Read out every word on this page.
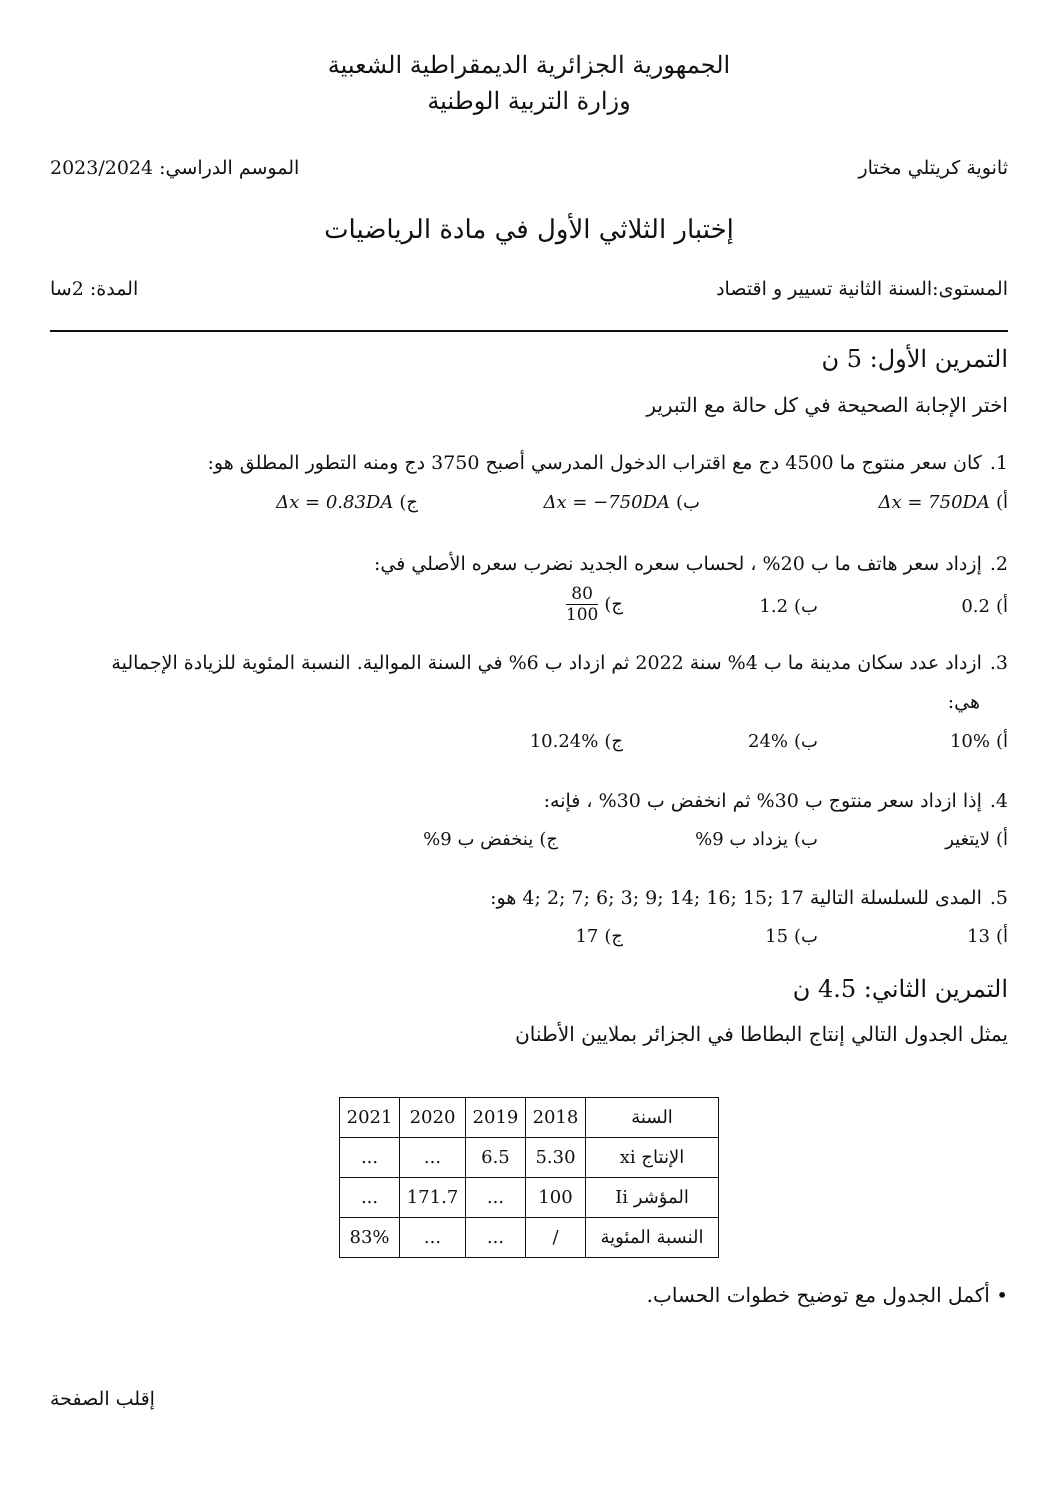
الجمهورية الجزائرية الديمقراطية الشعبية
وزارة التربية الوطنية
ثانوية كريتلي مختار
الموسم الدراسي: 2023/2024
إختبار الثلاثي الأول في مادة الرياضيات
المستوى:السنة الثانية تسيير و اقتصاد
المدة: 2سا
التمرين الأول: 5 ن
اختر الإجابة الصحيحة في كل حالة مع التبرير
1.كان سعر منتوج ما 4500 دج مع اقتراب الدخول المدرسي أصبح 3750 دج ومنه التطور المطلق هو:
أ)Δx = 750DA
ب)Δx = −750DA
ج)Δx = 0.83DA
2.إزداد سعر هاتف ما ب 20% ، لحساب سعره الجديد نضرب سعره الأصلي في:
أ)0.2
ب)1.2
ج)
$\frac{80}{100}$
3.ازداد عدد سكان مدينة ما ب 4% سنة 2022 ثم ازداد ب 6% في السنة الموالية. النسبة المئوية للزيادة الإجمالية
هي:
أ)10%
ب)24%
ج)10.24%
4.إذا ازداد سعر منتوج ب 30% ثم انخفض ب 30% ، فإنه:
أ)لايتغير
ب)يزداد ب 9%
ج)ينخفض ب 9%
5.المدى للسلسلة التالية 17 ;15 ;16 ;14 ;9 ;3 ;6 ;7 ;2 ;4 هو:
أ)13
ب)15
ج)17
التمرين الثاني: 4.5 ن
يمثل الجدول التالي إنتاج البطاطا في الجزائر بملايين الأطنان
السنة	2018	2019	2020	2021
الإنتاج xi	5.30	6.5	...	...
المؤشر Ii	100	...	171.7	...
النسبة المئوية	/	...	...	83%
• أكمل الجدول مع توضيح خطوات الحساب.
إقلب الصفحة
